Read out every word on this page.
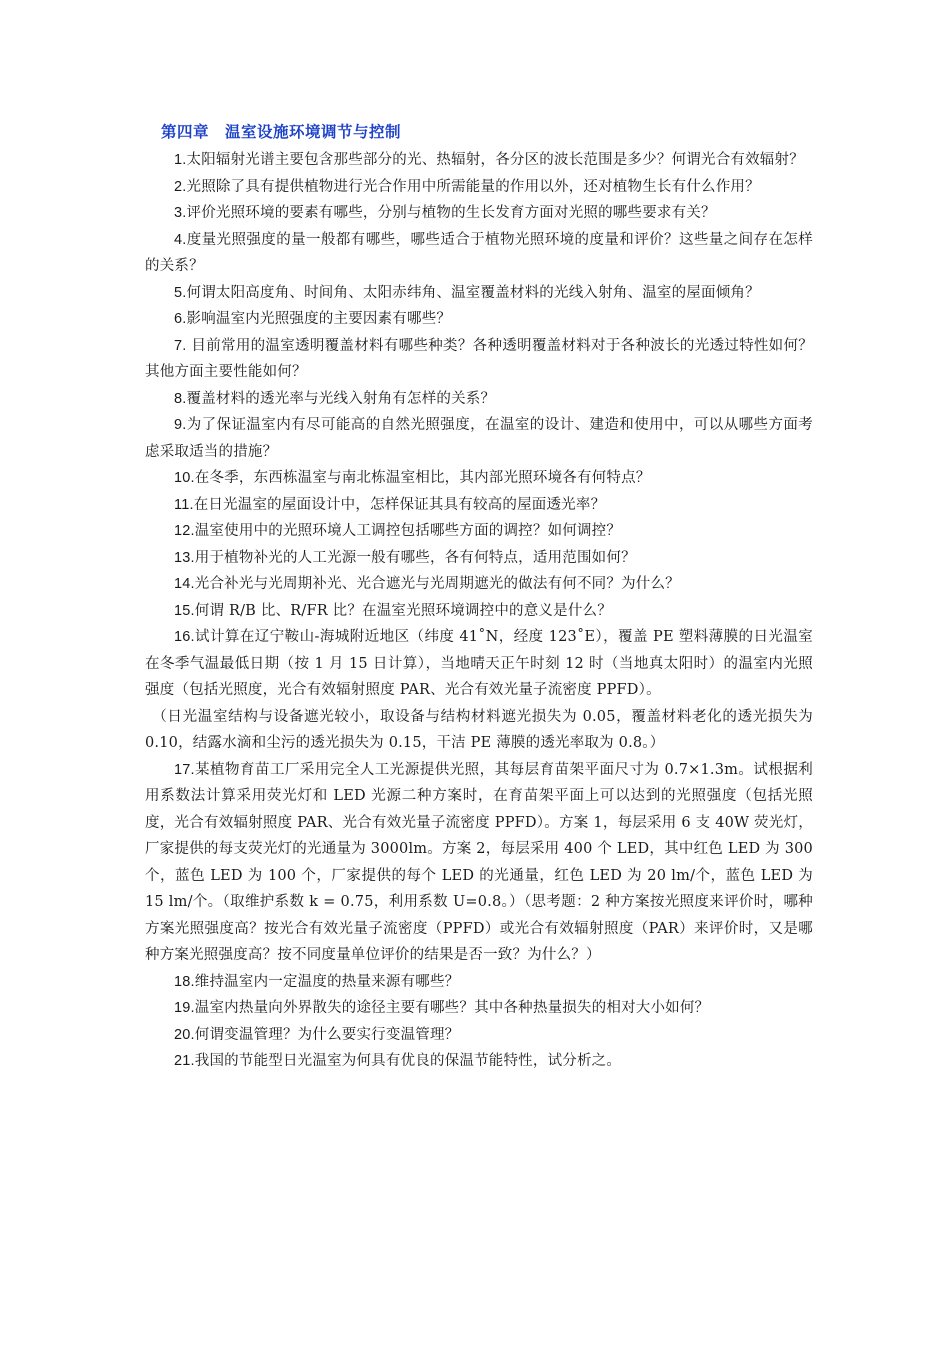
第四章　温室设施环境调节与控制

1.太阳辐射光谱主要包含那些部分的光、热辐射，各分区的波长范围是多少？何谓光合有效辐射？

2.光照除了具有提供植物进行光合作用中所需能量的作用以外，还对植物生长有什么作用？

3.评价光照环境的要素有哪些，分别与植物的生长发育方面对光照的哪些要求有关？

4.度量光照强度的量一般都有哪些，哪些适合于植物光照环境的度量和评价？这些量之间存在怎样的关系？

5.何谓太阳高度角、时间角、太阳赤纬角、温室覆盖材料的光线入射角、温室的屋面倾角？

6.影响温室内光照强度的主要因素有哪些？

7. 目前常用的温室透明覆盖材料有哪些种类？各种透明覆盖材料对于各种波长的光透过特性如何？其他方面主要性能如何？

8.覆盖材料的透光率与光线入射角有怎样的关系？

9.为了保证温室内有尽可能高的自然光照强度，在温室的设计、建造和使用中，可以从哪些方面考虑采取适当的措施？

10.在冬季，东西栋温室与南北栋温室相比，其内部光照环境各有何特点？

11.在日光温室的屋面设计中，怎样保证其具有较高的屋面透光率？

12.温室使用中的光照环境人工调控包括哪些方面的调控？如何调控？

13.用于植物补光的人工光源一般有哪些，各有何特点，适用范围如何？

14.光合补光与光周期补光、光合遮光与光周期遮光的做法有何不同？为什么？

15.何谓 R/B 比、R/FR 比？在温室光照环境调控中的意义是什么？

16.试计算在辽宁鞍山-海城附近地区（纬度 41˚N，经度 123˚E），覆盖 PE 塑料薄膜的日光温室在冬季气温最低日期（按 1 月 15 日计算），当地晴天正午时刻 12 时（当地真太阳时）的温室内光照强度（包括光照度，光合有效辐射照度 PAR、光合有效光量子流密度 PPFD）。

（日光温室结构与设备遮光较小，取设备与结构材料遮光损失为 0.05，覆盖材料老化的透光损失为 0.10，结露水滴和尘污的透光损失为 0.15，干洁 PE 薄膜的透光率取为 0.8。）

17.某植物育苗工厂采用完全人工光源提供光照，其每层育苗架平面尺寸为 0.7×1.3m。试根据利用系数法计算采用荧光灯和 LED 光源二种方案时，在育苗架平面上可以达到的光照强度（包括光照度，光合有效辐射照度 PAR、光合有效光量子流密度 PPFD）。方案 1，每层采用 6 支 40W 荧光灯，厂家提供的每支荧光灯的光通量为 3000lm。方案 2，每层采用 400 个 LED，其中红色 LED 为 300 个，蓝色 LED 为 100 个，厂家提供的每个 LED 的光通量，红色 LED 为 20 lm/个，蓝色 LED 为 15 lm/个。（取维护系数 k = 0.75，利用系数 U=0.8。）（思考题：2 种方案按光照度来评价时，哪种方案光照强度高？按光合有效光量子流密度（PPFD）或光合有效辐射照度（PAR）来评价时，又是哪种方案光照强度高？按不同度量单位评价的结果是否一致？为什么？）

18.维持温室内一定温度的热量来源有哪些？

19.温室内热量向外界散失的途径主要有哪些？其中各种热量损失的相对大小如何？

20.何谓变温管理？为什么要实行变温管理？

21.我国的节能型日光温室为何具有优良的保温节能特性，试分析之。
